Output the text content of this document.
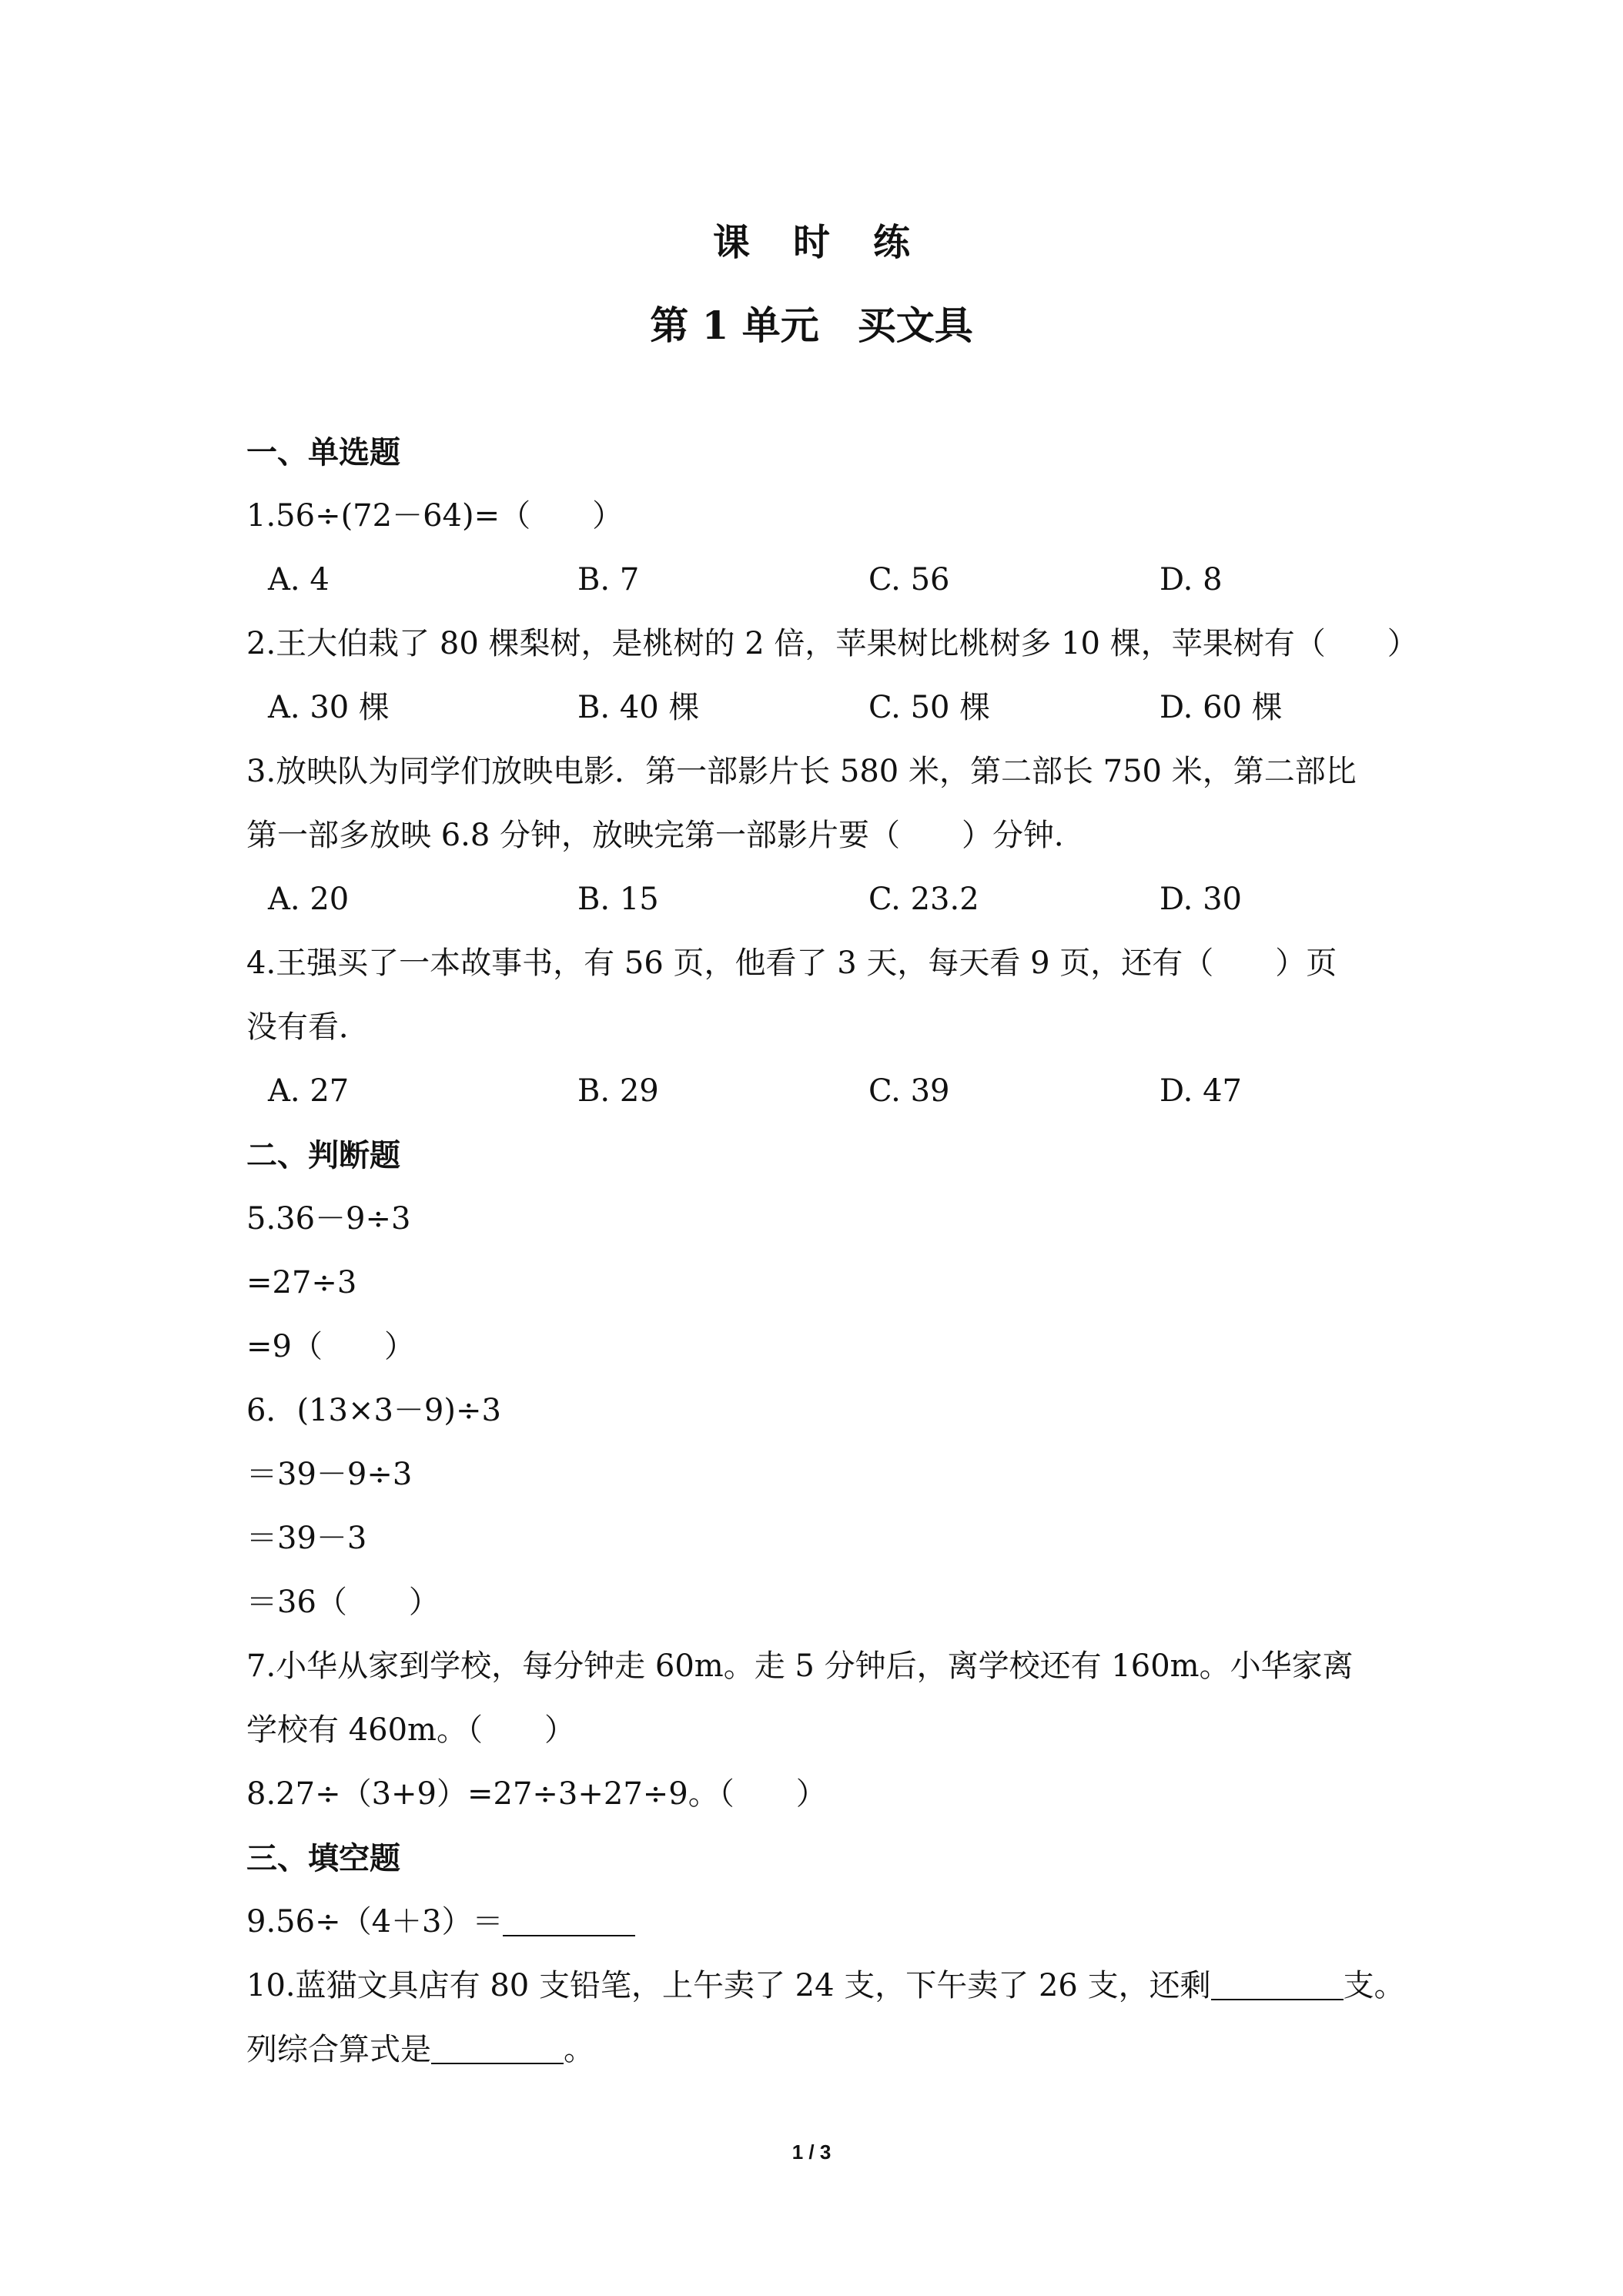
课 时 练
第 1 单元　买文具
一、单选题
1.56÷(72－64)=（ ）
A. 4	B. 7	C. 56	D. 8
2.王大伯栽了 80 棵梨树，是桃树的 2 倍，苹果树比桃树多 10 棵，苹果树有（ ）
A. 30 棵	B. 40 棵	C. 50 棵	D. 60 棵
3.放映队为同学们放映电影．第一部影片长 580 米，第二部长 750 米，第二部比
第一部多放映 6.8 分钟，放映完第一部影片要（ ）分钟．
A. 20	B. 15	C. 23.2	D. 30
4.王强买了一本故事书，有 56 页，他看了 3 天，每天看 9 页，还有（ ）页
没有看．
A. 27	B. 29	C. 39	D. 47
二、判断题
5.36－9÷3
=27÷3
=9（ ）
6．(13×3－9)÷3
＝39－9÷3
＝39－3
＝36（ ）
7.小华从家到学校，每分钟走 60m。走 5 分钟后，离学校还有 160m。小华家离
学校有 460m。（ ）
8.27÷（3+9）=27÷3+27÷9。（ ）
三、填空题
9.56÷（4＋3）＝
10.蓝猫文具店有 80 支铅笔，上午卖了 24 支，下午卖了 26 支，还剩	支。
列综合算式是	。
1 / 3
